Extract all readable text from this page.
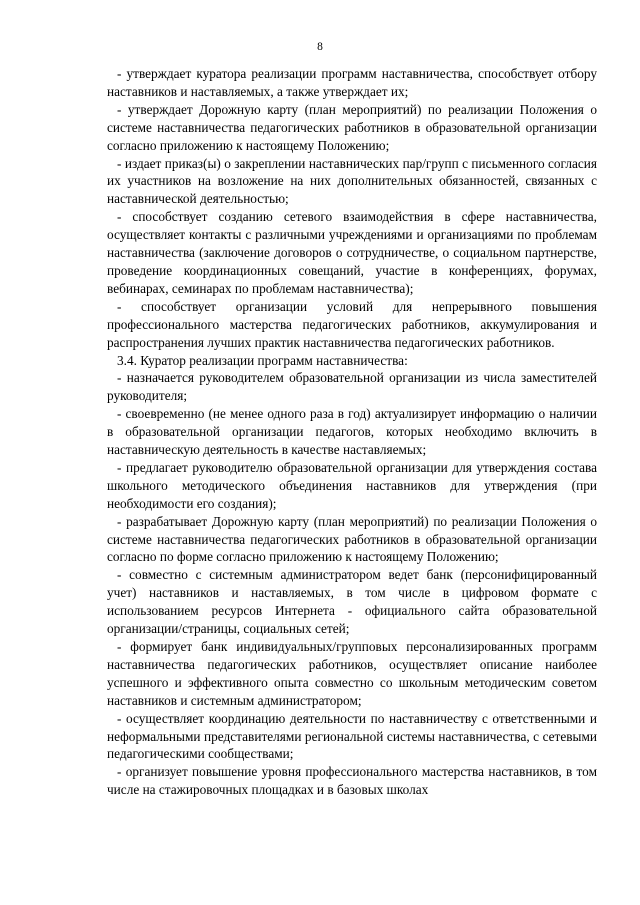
8

- утверждает куратора реализации программ наставничества, способствует отбору наставников и наставляемых, а также утверждает их;

- утверждает Дорожную карту (план мероприятий) по реализации Положения о системе наставничества педагогических работников в образовательной организации согласно приложению к настоящему Положению;

- издает приказ(ы) о закреплении наставнических пар/групп с письменного согласия их участников на возложение на них дополнительных обязанностей, связанных с наставнической деятельностью;

- способствует созданию сетевого взаимодействия в сфере наставничества, осуществляет контакты с различными учреждениями и организациями по проблемам наставничества (заключение договоров о сотрудничестве, о социальном партнерстве, проведение координационных совещаний, участие в конференциях, форумах, вебинарах, семинарах по проблемам наставничества);

- способствует организации условий для непрерывного повышения профессионального мастерства педагогических работников, аккумулирования и распространения лучших практик наставничества педагогических работников.

3.4. Куратор реализации программ наставничества:

- назначается руководителем образовательной организации из числа заместителей руководителя;

- своевременно (не менее одного раза в год) актуализирует информацию о наличии в образовательной организации педагогов, которых необходимо включить в наставническую деятельность в качестве наставляемых;

- предлагает руководителю образовательной организации для утверждения состава школьного методического объединения наставников для утверждения (при необходимости его создания);

- разрабатывает Дорожную карту (план мероприятий) по реализации Положения о системе наставничества педагогических работников в образовательной организации согласно по форме согласно приложению к настоящему Положению;

- совместно с системным администратором ведет банк (персонифицированный учет) наставников и наставляемых, в том числе в цифровом формате с использованием ресурсов Интернета - официального сайта образовательной организации/страницы, социальных сетей;

- формирует банк индивидуальных/групповых персонализированных программ наставничества педагогических работников, осуществляет описание наиболее успешного и эффективного опыта совместно со школьным методическим советом наставников и системным администратором;

- осуществляет координацию деятельности по наставничеству с ответственными и неформальными представителями региональной системы наставничества, с сетевыми педагогическими сообществами;

- организует повышение уровня профессионального мастерства наставников, в том числе на стажировочных площадках и в базовых школах
